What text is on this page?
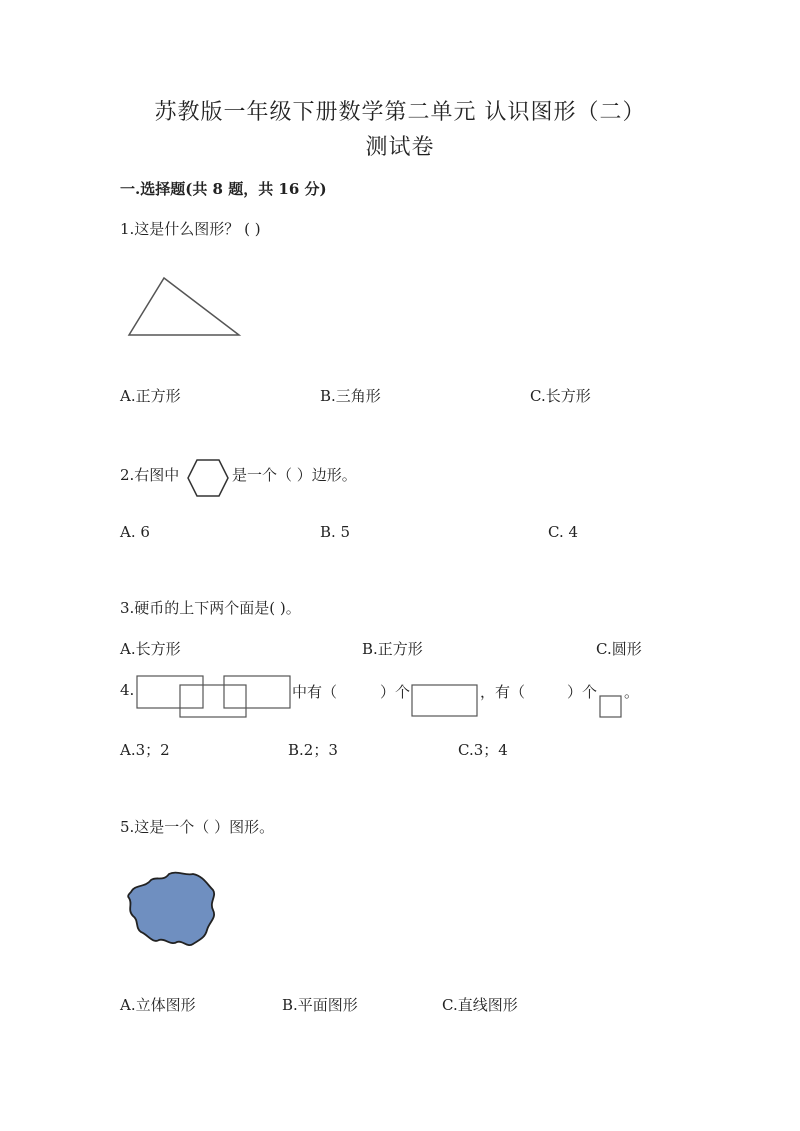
苏教版一年级下册数学第二单元 认识图形（二）
测试卷
一.选择题(共 8 题，共 16 分)
1.这是什么图形？ ( )
A.正方形	B.三角形	C.长方形
2.右图中	是一个（ ）边形。
A. 6	B. 5	C. 4
3.硬币的上下两个面是( )。
A.长方形	B.正方形	C.圆形
4.	中有（	）个	，有（	）个 。
A.3；2	B.2；3	C.3；4
5.这是一个（ ）图形。
A.立体图形	B.平面图形	C.直线图形
